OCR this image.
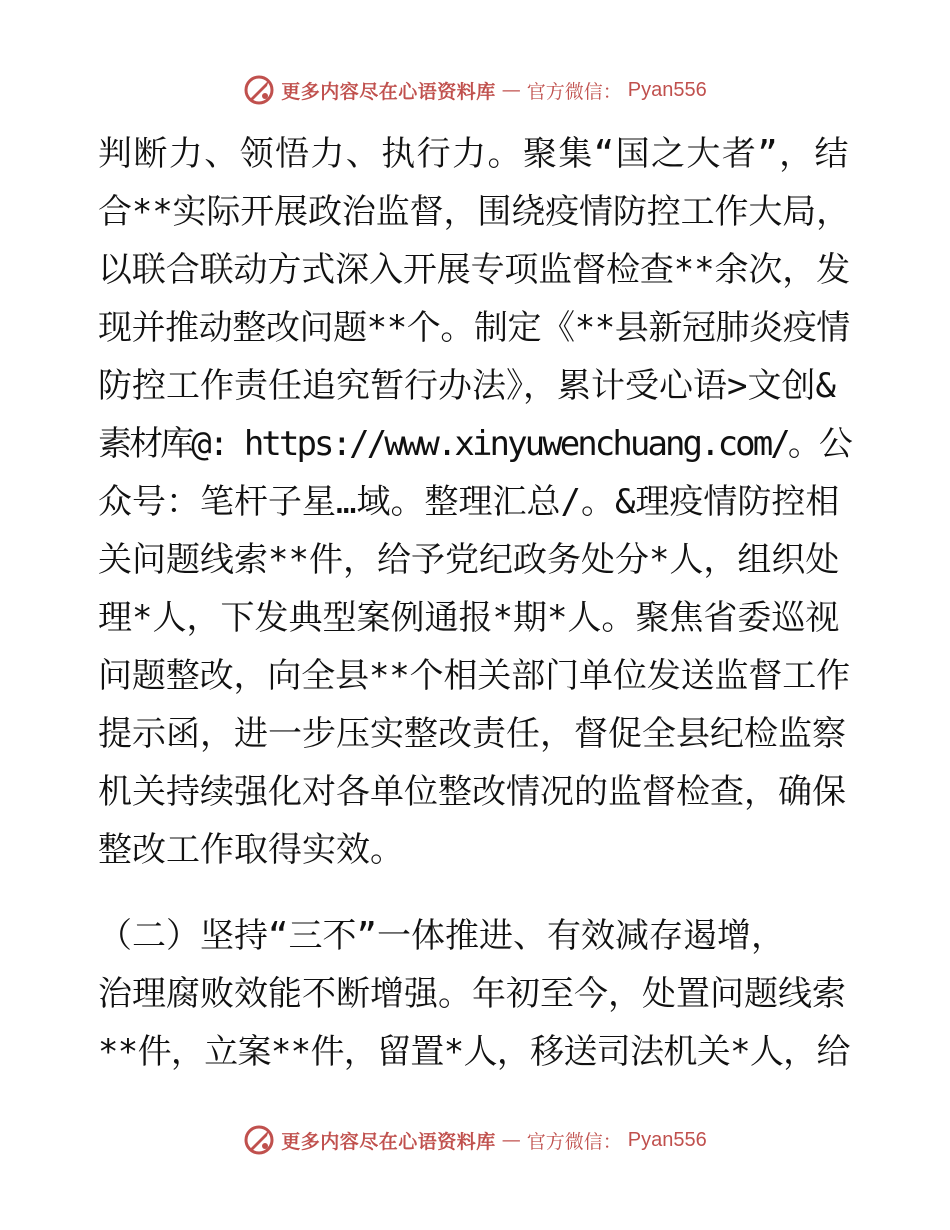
更多内容尽在心语资料库 — 官方微信： Pyan556
判断力、领悟力、执行力。聚集“国之大者”，结
合**实际开展政治监督，围绕疫情防控工作大局，
以联合联动方式深入开展专项监督检查**余次，发
现并推动整改问题**个。制定《**县新冠肺炎疫情
防控工作责任追究暂行办法》，累计受心语>文创&
素材库@: https://www.xinyuwenchuang.com/。公
众号：笔杆子星…域。整理汇总/。&理疫情防控相
关问题线索**件，给予党纪政务处分*人，组织处
理*人，下发典型案例通报*期*人。聚焦省委巡视
问题整改，向全县**个相关部门单位发送监督工作
提示函，进一步压实整改责任，督促全县纪检监察
机关持续强化对各单位整改情况的监督检查，确保
整改工作取得实效。
（二）坚持“三不”一体推进、有效减存遏增，
治理腐败效能不断增强。年初至今，处置问题线索
**件，立案**件，留置*人，移送司法机关*人，给
更多内容尽在心语资料库 — 官方微信： Pyan556
